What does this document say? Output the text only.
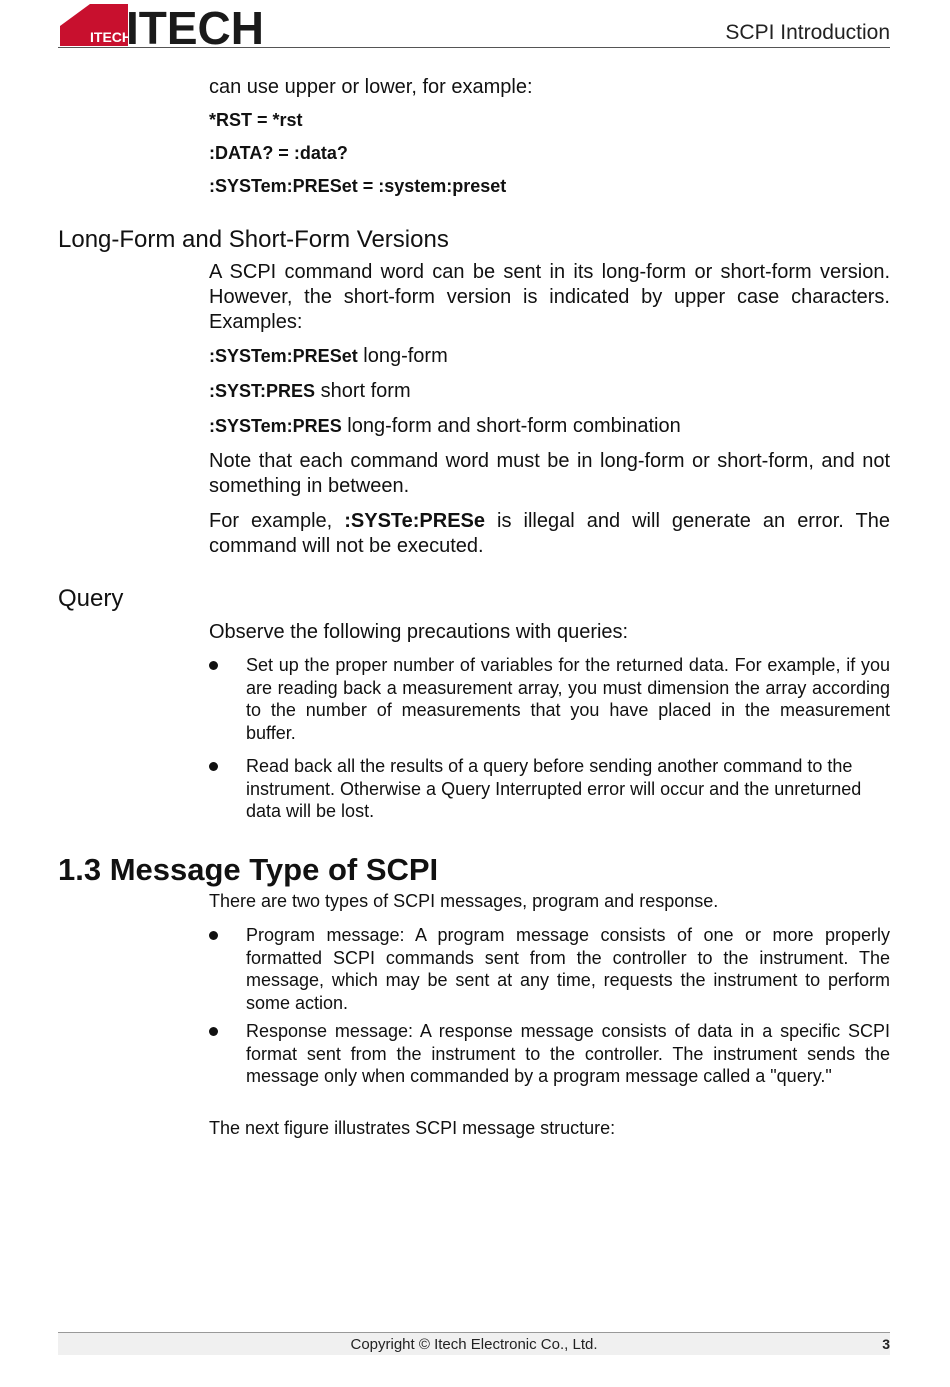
ITECH
ITECH	SCPI Introduction
can use upper or lower, for example:
*RST = *rst
:DATA? = :data?
:SYSTem:PRESet = :system:preset
Long-Form and Short-Form Versions
A SCPI command word can be sent in its long-form or short-form version. However, the short-form version is indicated by upper case characters. Examples:
:SYSTem:PRESet long-form
:SYST:PRES short form
:SYSTem:PRES long-form and short-form combination
Note that each command word must be in long-form or short-form, and not something in between.
For example, :SYSTe:PRESe is illegal and will generate an error. The command will not be executed.
Query
Observe the following precautions with queries:
Set up the proper number of variables for the returned data. For example, if you are reading back a measurement array, you must dimension the array according to the number of measurements that you have placed in the measurement buffer.
Read back all the results of a query before sending another command to the instrument. Otherwise a Query Interrupted error will occur and the unreturned data will be lost.
1.3 Message Type of SCPI
There are two types of SCPI messages, program and response.
Program message: A program message consists of one or more properly formatted SCPI commands sent from the controller to the instrument. The message, which may be sent at any time, requests the instrument to perform some action.
Response message: A response message consists of data in a specific SCPI format sent from the instrument to the controller. The instrument sends the message only when commanded by a program message called a "query."
The next figure illustrates SCPI message structure:
Copyright © Itech Electronic Co., Ltd.	3
